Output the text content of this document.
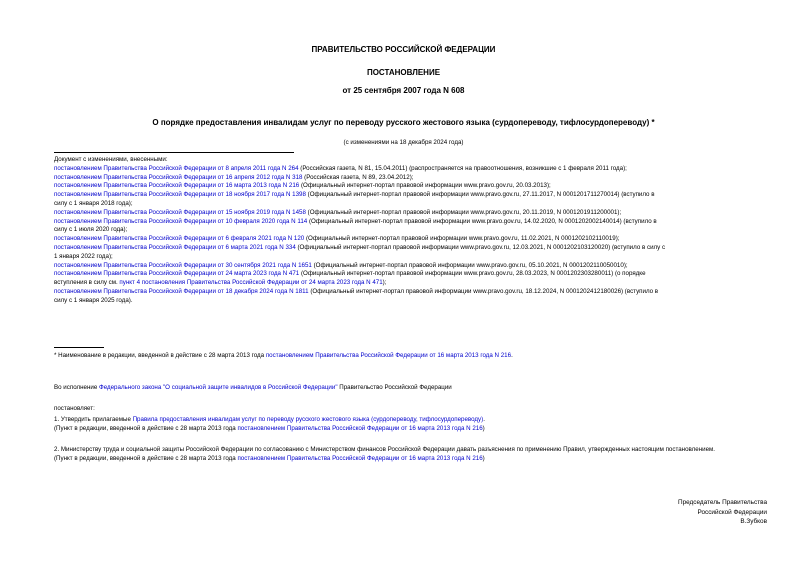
ПРАВИТЕЛЬСТВО РОССИЙСКОЙ ФЕДЕРАЦИИ
ПОСТАНОВЛЕНИЕ
от 25 сентября 2007 года N 608
О порядке предоставления инвалидам услуг по переводу русского жестового языка (сурдопереводу, тифлосурдопереводу) *
(с изменениями на 18 декабря 2024 года)
Документ с изменениями, внесенными:
постановлением Правительства Российской Федерации от 8 апреля 2011 года N 264 (Российская газета, N 81, 15.04.2011) (распространяется на правоотношения, возникшие с 1 февраля 2011 года);
постановлением Правительства Российской Федерации от 16 апреля 2012 года N 318 (Российская газета, N 89, 23.04.2012);
постановлением Правительства Российской Федерации от 16 марта 2013 года N 216 (Официальный интернет-портал правовой информации www.pravo.gov.ru, 20.03.2013);
постановлением Правительства Российской Федерации от 18 ноября 2017 года N 1398 (Официальный интернет-портал правовой информации www.pravo.gov.ru, 27.11.2017, N 0001201711270014) (вступило в
силу с 1 января 2018 года);
постановлением Правительства Российской Федерации от 15 ноября 2019 года N 1458 (Официальный интернет-портал правовой информации www.pravo.gov.ru, 20.11.2019, N 0001201911200001);
постановлением Правительства Российской Федерации от 10 февраля 2020 года N 114 (Официальный интернет-портал правовой информации www.pravo.gov.ru, 14.02.2020, N 0001202002140014) (вступило в
силу с 1 июля 2020 года);
постановлением Правительства Российской Федерации от 6 февраля 2021 года N 120 (Официальный интернет-портал правовой информации www.pravo.gov.ru, 11.02.2021, N 0001202102110019);
постановлением Правительства Российской Федерации от 6 марта 2021 года N 334 (Официальный интернет-портал правовой информации www.pravo.gov.ru, 12.03.2021, N 0001202103120020) (вступило в силу с
1 января 2022 года);
постановлением Правительства Российской Федерации от 30 сентября 2021 года N 1651 (Официальный интернет-портал правовой информации www.pravo.gov.ru, 05.10.2021, N 0001202110050010);
постановлением Правительства Российской Федерации от 24 марта 2023 года N 471 (Официальный интернет-портал правовой информации www.pravo.gov.ru, 28.03.2023, N 0001202303280011) (о порядке
вступления в силу см. пункт 4 постановления Правительства Российской Федерации от 24 марта 2023 года N 471);
постановлением Правительства Российской Федерации от 18 декабря 2024 года N 1811 (Официальный интернет-портал правовой информации www.pravo.gov.ru, 18.12.2024, N 0001202412180026) (вступило в
силу с 1 января 2025 года).
* Наименование в редакции, введенной в действие с 28 марта 2013 года постановлением Правительства Российской Федерации от 16 марта 2013 года N 216.
Во исполнение Федерального закона "О социальной защите инвалидов в Российской Федерации" Правительство Российской Федерации
постановляет:
1. Утвердить прилагаемые Правила предоставления инвалидам услуг по переводу русского жестового языка (сурдопереводу, тифлосурдопереводу).
(Пункт в редакции, введенной в действие с 28 марта 2013 года постановлением Правительства Российской Федерации от 16 марта 2013 года N 216)
2. Министерству труда и социальной защиты Российской Федерации по согласованию с Министерством финансов Российской Федерации давать разъяснения по применению Правил, утвержденных настоящим постановлением.
(Пункт в редакции, введенной в действие с 28 марта 2013 года постановлением Правительства Российской Федерации от 16 марта 2013 года N 216)
Председатель Правительства
Российской Федерации
В.Зубков
